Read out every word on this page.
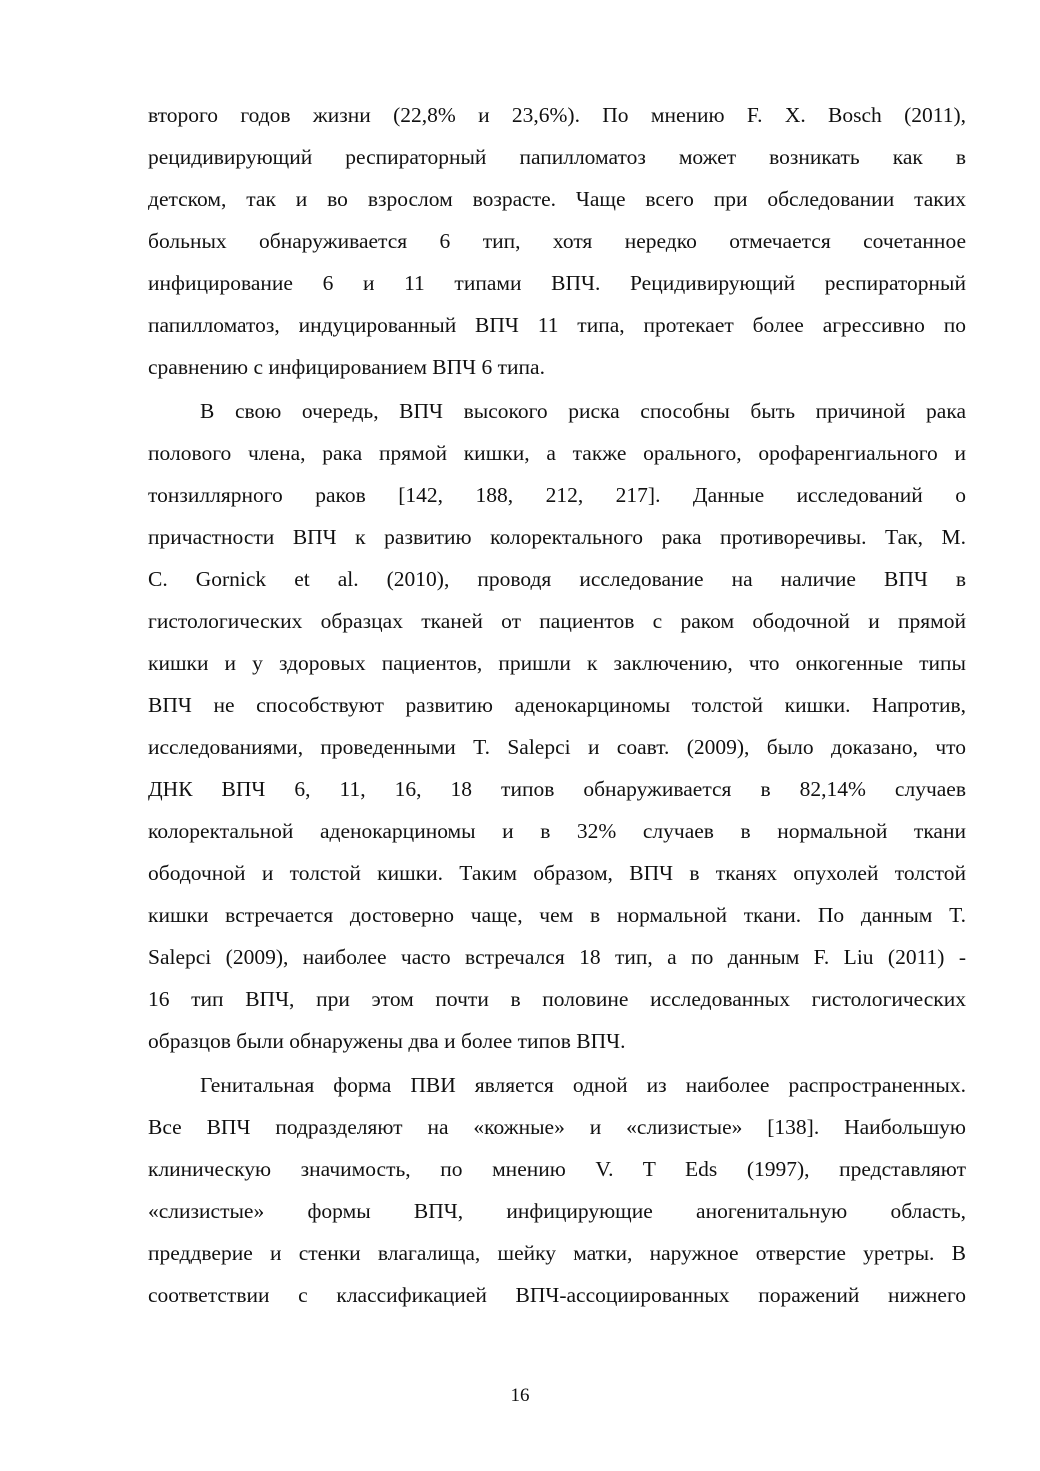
второго годов жизни (22,8% и 23,6%). По мнению F. X. Bosch (2011),
рецидивирующий респираторный папилломатоз может возникать как в
детском, так и во взрослом возрасте. Чаще всего при обследовании таких
больных обнаруживается 6 тип, хотя нередко отмечается сочетанное
инфицирование 6 и 11 типами ВПЧ. Рецидивирующий респираторный
папилломатоз, индуцированный ВПЧ 11 типа, протекает более агрессивно по
сравнению с инфицированием ВПЧ 6 типа.
В свою очередь, ВПЧ высокого риска способны быть причиной рака
полового члена, рака прямой кишки, а также орального, орофаренгиального и
тонзиллярного раков [142, 188, 212, 217]. Данные исследований о
причастности ВПЧ к развитию колоректального рака противоречивы. Так, M.
C. Gornick et al. (2010), проводя исследование на наличие ВПЧ в
гистологических образцах тканей от пациентов с раком ободочной и прямой
кишки и у здоровых пациентов, пришли к заключению, что онкогенные типы
ВПЧ не способствуют развитию аденокарциномы толстой кишки. Напротив,
исследованиями, проведенными T. Salepci и соавт. (2009), было доказано, что
ДНК ВПЧ 6, 11, 16, 18 типов обнаруживается в 82,14% случаев
колоректальной аденокарциномы и в 32% случаев в нормальной ткани
ободочной и толстой кишки. Таким образом, ВПЧ в тканях опухолей толстой
кишки встречается достоверно чаще, чем в нормальной ткани. По данным T.
Salepci (2009), наиболее часто встречался 18 тип, а по данным F. Liu (2011) -
16 тип ВПЧ, при этом почти в половине исследованных гистологических
образцов были обнаружены два и более типов ВПЧ.
Генитальная форма ПВИ является одной из наиболее распространенных.
Все ВПЧ подразделяют на «кожные» и «слизистые» [138]. Наибольшую
клиническую значимость, по мнению V. T Eds (1997), представляют
«слизистые» формы ВПЧ, инфицирующие аногенитальную область,
преддверие и стенки влагалища, шейку матки, наружное отверстие уретры. В
соответствии с классификацией ВПЧ-ассоциированных поражений нижнего
16
